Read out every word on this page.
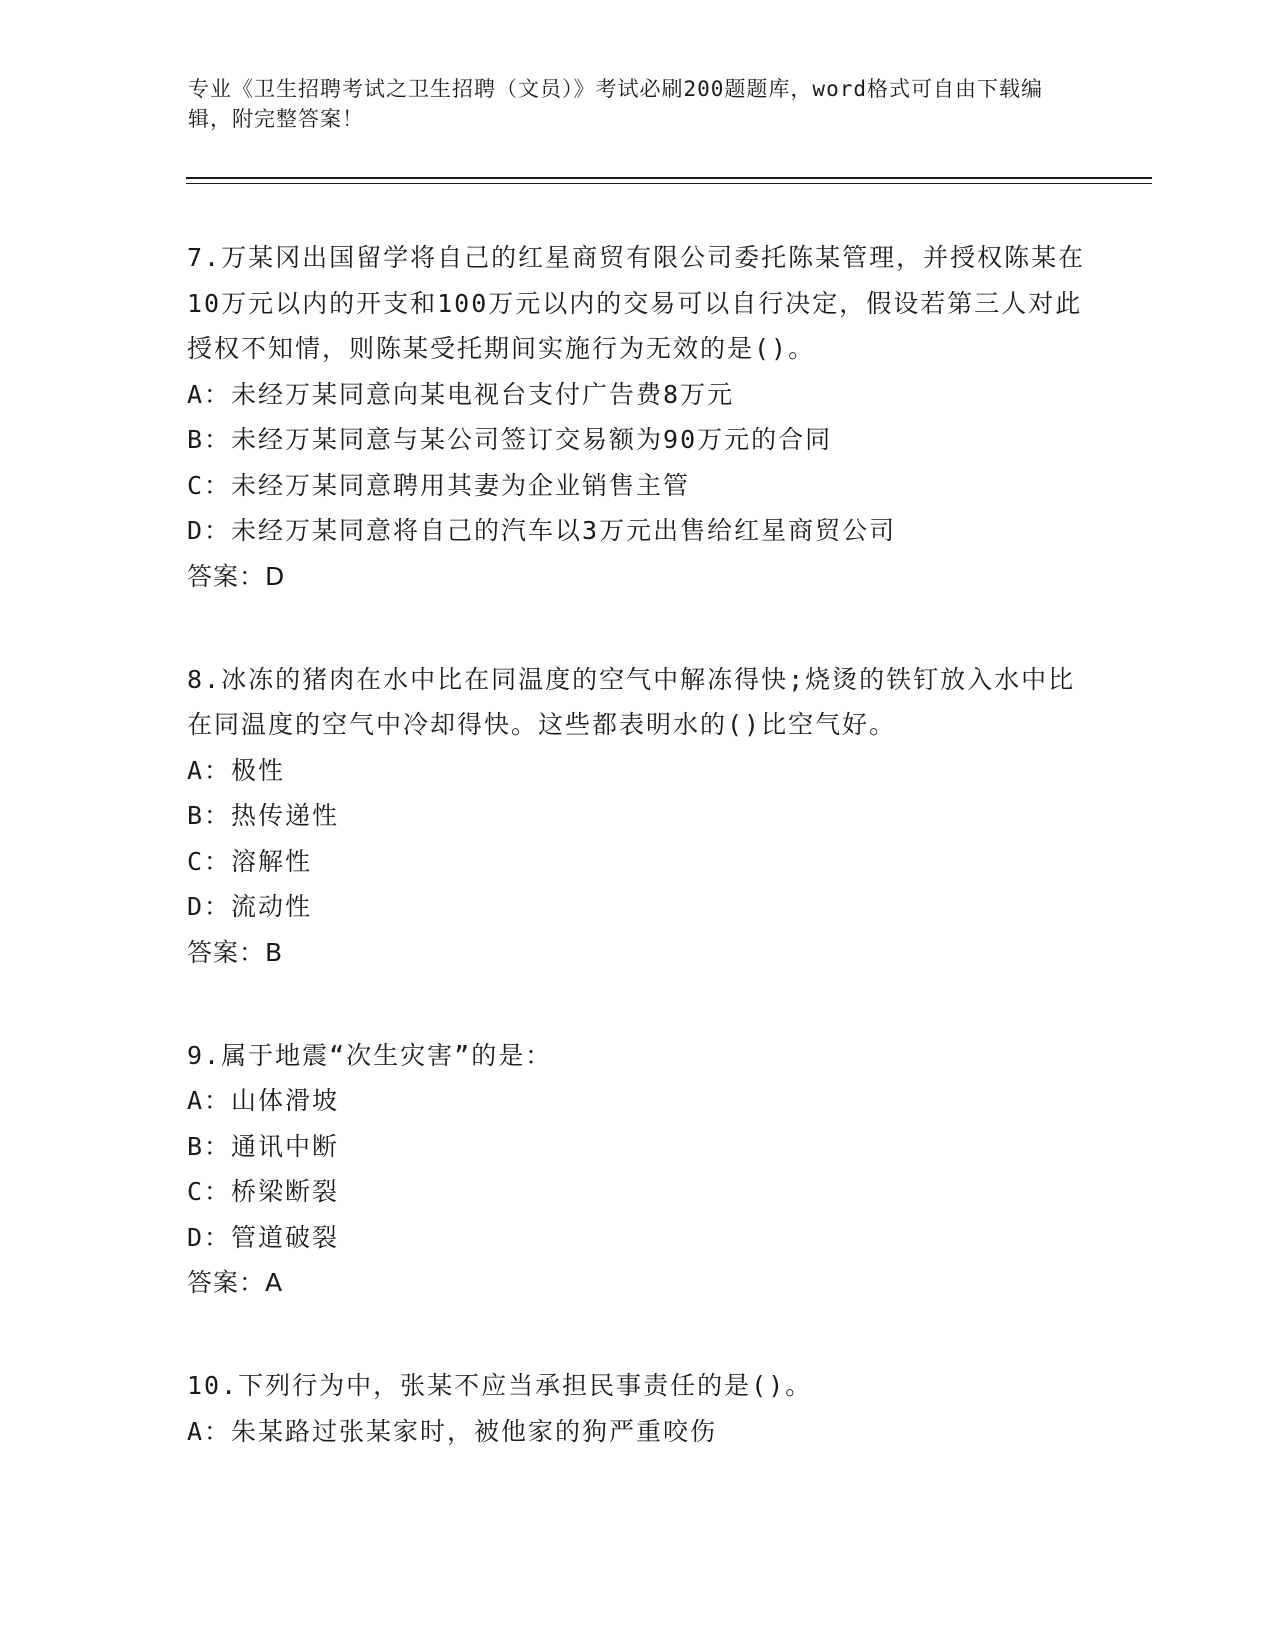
专业《卫生招聘考试之卫生招聘（文员）》考试必刷200题题库，word格式可自由下载编辑，附完整答案！
7.万某冈出国留学将自己的红星商贸有限公司委托陈某管理，并授权陈某在10万元以内的开支和100万元以内的交易可以自行决定，假设若第三人对此授权不知情，则陈某受托期间实施行为无效的是()。
A：未经万某同意向某电视台支付广告费8万元
B：未经万某同意与某公司签订交易额为90万元的合同
C：未经万某同意聘用其妻为企业销售主管
D：未经万某同意将自己的汽车以3万元出售给红星商贸公司
答案：D
8.冰冻的猪肉在水中比在同温度的空气中解冻得快;烧烫的铁钉放入水中比在同温度的空气中冷却得快。这些都表明水的()比空气好。
A：极性
B：热传递性
C：溶解性
D：流动性
答案：B
9.属于地震“次生灾害”的是：
A：山体滑坡
B：通讯中断
C：桥梁断裂
D：管道破裂
答案：A
10.下列行为中，张某不应当承担民事责任的是()。
A：朱某路过张某家时，被他家的狗严重咬伤
